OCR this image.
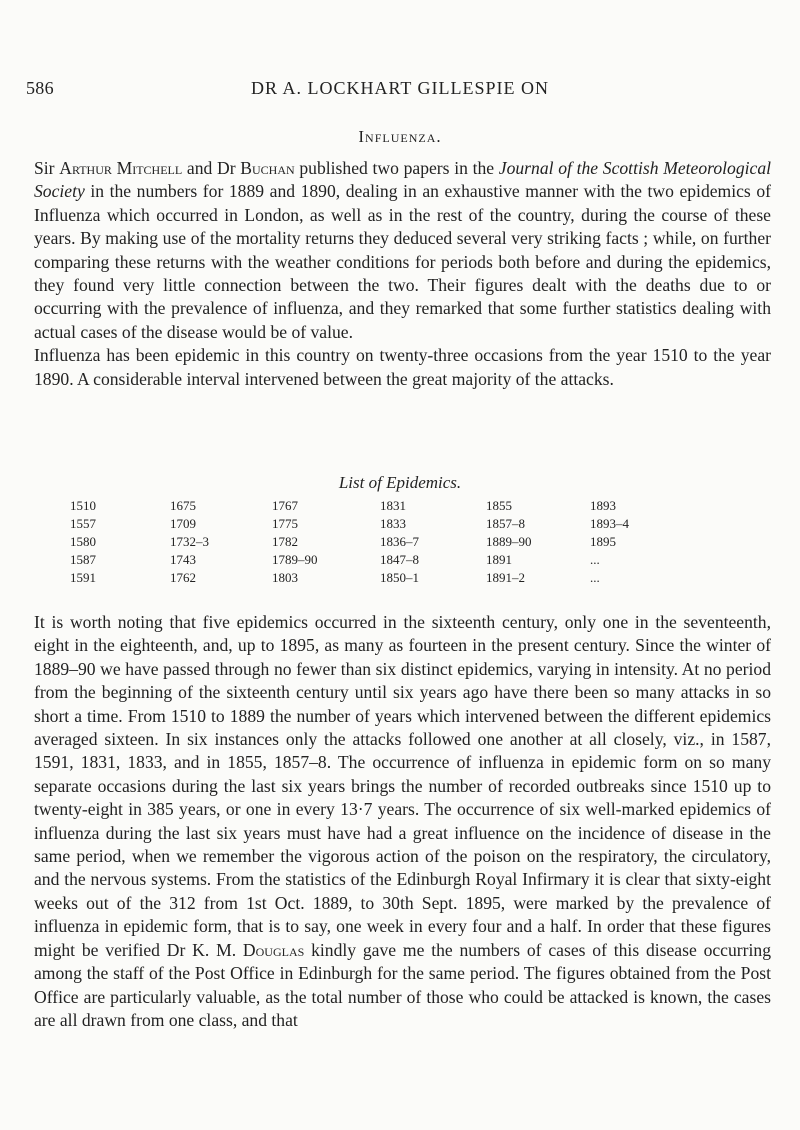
586	DR A. LOCKHART GILLESPIE ON
Influenza.

Sir Arthur Mitchell and Dr Buchan published two papers in the Journal of the Scottish Meteorological Society in the numbers for 1889 and 1890, dealing in an exhaustive manner with the two epidemics of Influenza which occurred in London, as well as in the rest of the country, during the course of these years. By making use of the mortality returns they deduced several very striking facts ; while, on further comparing these returns with the weather conditions for periods both before and during the epidemics, they found very little connection between the two. Their figures dealt with the deaths due to or occurring with the prevalence of influenza, and they remarked that some further statistics dealing with actual cases of the disease would be of value.
Influenza has been epidemic in this country on twenty-three occasions from the year 1510 to the year 1890. A considerable interval intervened between the great majority of the attacks.

List of Epidemics.
1510	1675	1767	1831	1855	1893
1557	1709	1775	1833	1857–8	1893–4
1580	1732–3	1782	1836–7	1889–90	1895
1587	1743	1789–90	1847–8	1891	...
1591	1762	1803	1850–1	1891–2	...

It is worth noting that five epidemics occurred in the sixteenth century, only one in the seventeenth, eight in the eighteenth, and, up to 1895, as many as fourteen in the present century. Since the winter of 1889–90 we have passed through no fewer than six distinct epidemics, varying in intensity. At no period from the beginning of the sixteenth century until six years ago have there been so many attacks in so short a time. From 1510 to 1889 the number of years which intervened between the different epidemics averaged sixteen. In six instances only the attacks followed one another at all closely, viz., in 1587, 1591, 1831, 1833, and in 1855, 1857–8. The occurrence of influenza in epidemic form on so many separate occasions during the last six years brings the number of recorded outbreaks since 1510 up to twenty-eight in 385 years, or one in every 13·7 years. The occurrence of six well-marked epidemics of influenza during the last six years must have had a great influence on the incidence of disease in the same period, when we remember the vigorous action of the poison on the respiratory, the circulatory, and the nervous systems. From the statistics of the Edinburgh Royal Infirmary it is clear that sixty-eight weeks out of the 312 from 1st Oct. 1889, to 30th Sept. 1895, were marked by the prevalence of influenza in epidemic form, that is to say, one week in every four and a half. In order that these figures might be verified Dr K. M. Douglas kindly gave me the numbers of cases of this disease occurring among the staff of the Post Office in Edinburgh for the same period. The figures obtained from the Post Office are particularly valuable, as the total number of those who could be attacked is known, the cases are all drawn from one class, and that
